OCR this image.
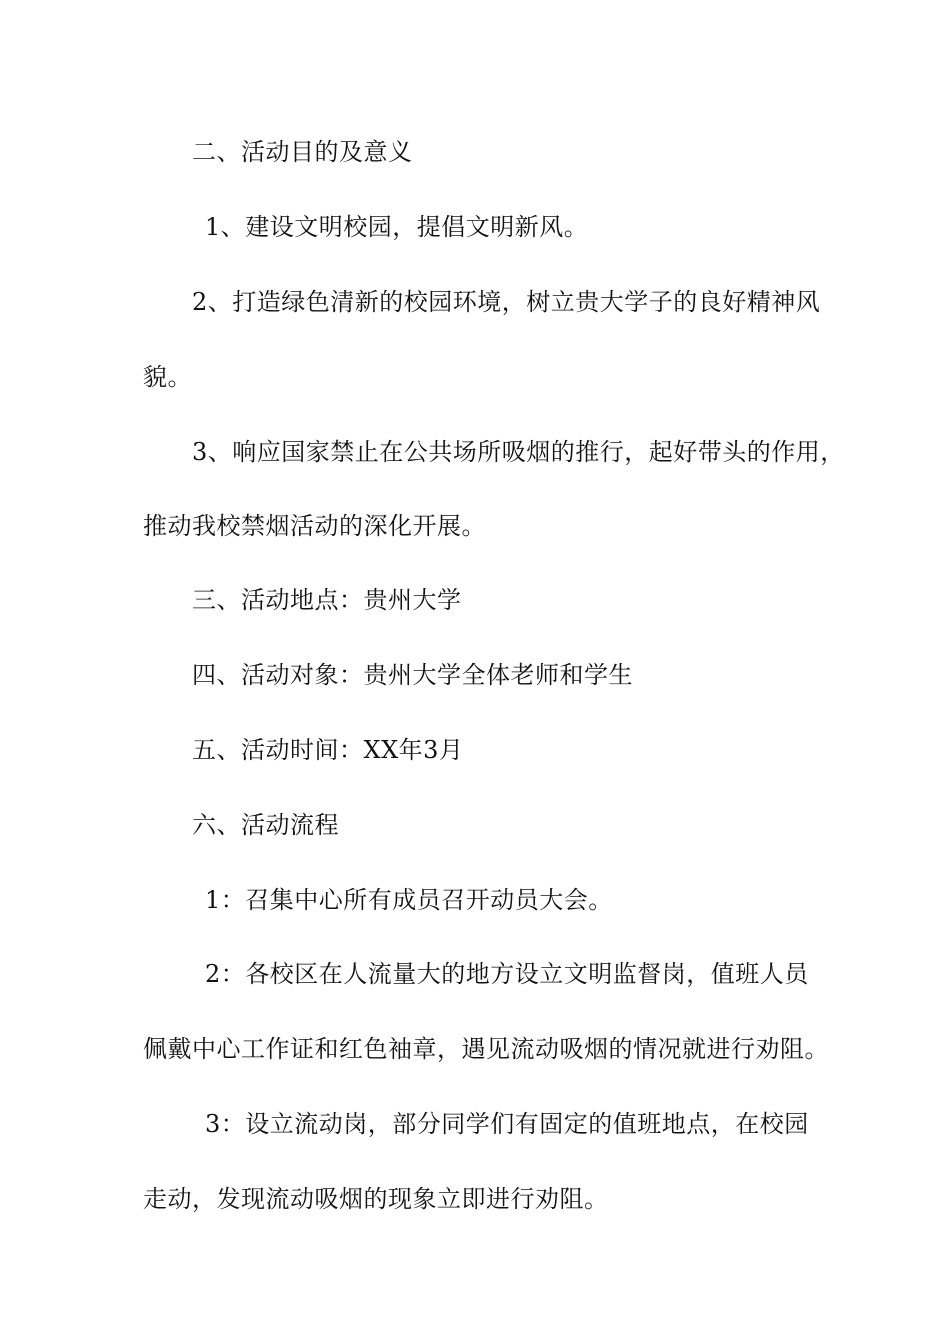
二、活动目的及意义
1、建设文明校园，提倡文明新风。
2、打造绿色清新的校园环境，树立贵大学子的良好精神风
貌。
3、响应国家禁止在公共场所吸烟的推行，起好带头的作用，
推动我校禁烟活动的深化开展。
三、活动地点：贵州大学
四、活动对象：贵州大学全体老师和学生
五、活动时间：XX年3月
六、活动流程
1：召集中心所有成员召开动员大会。
2：各校区在人流量大的地方设立文明监督岗，值班人员
佩戴中心工作证和红色袖章，遇见流动吸烟的情况就进行劝阻。
3：设立流动岗，部分同学们有固定的值班地点，在校园
走动，发现流动吸烟的现象立即进行劝阻。
